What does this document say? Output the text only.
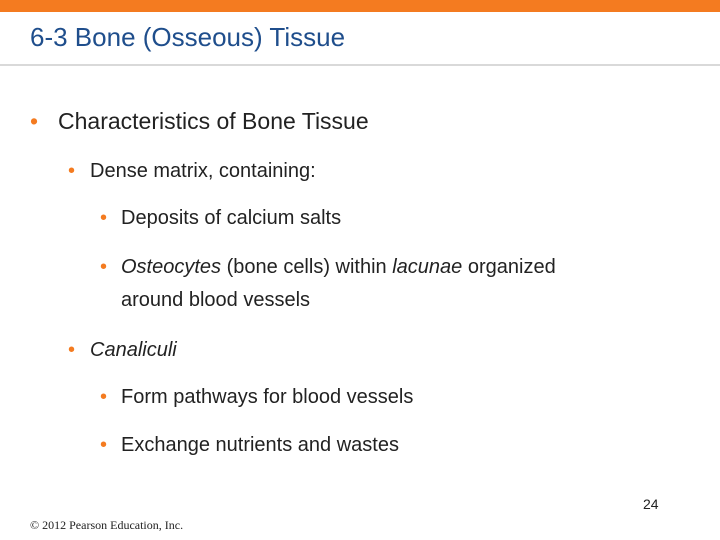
6-3 Bone (Osseous) Tissue
• Characteristics of Bone Tissue
• Dense matrix, containing:
• Deposits of calcium salts
• Osteocytes (bone cells) within lacunae organized
around blood vessels
• Canaliculi
• Form pathways for blood vessels
• Exchange nutrients and wastes
24
© 2012 Pearson Education, Inc.
